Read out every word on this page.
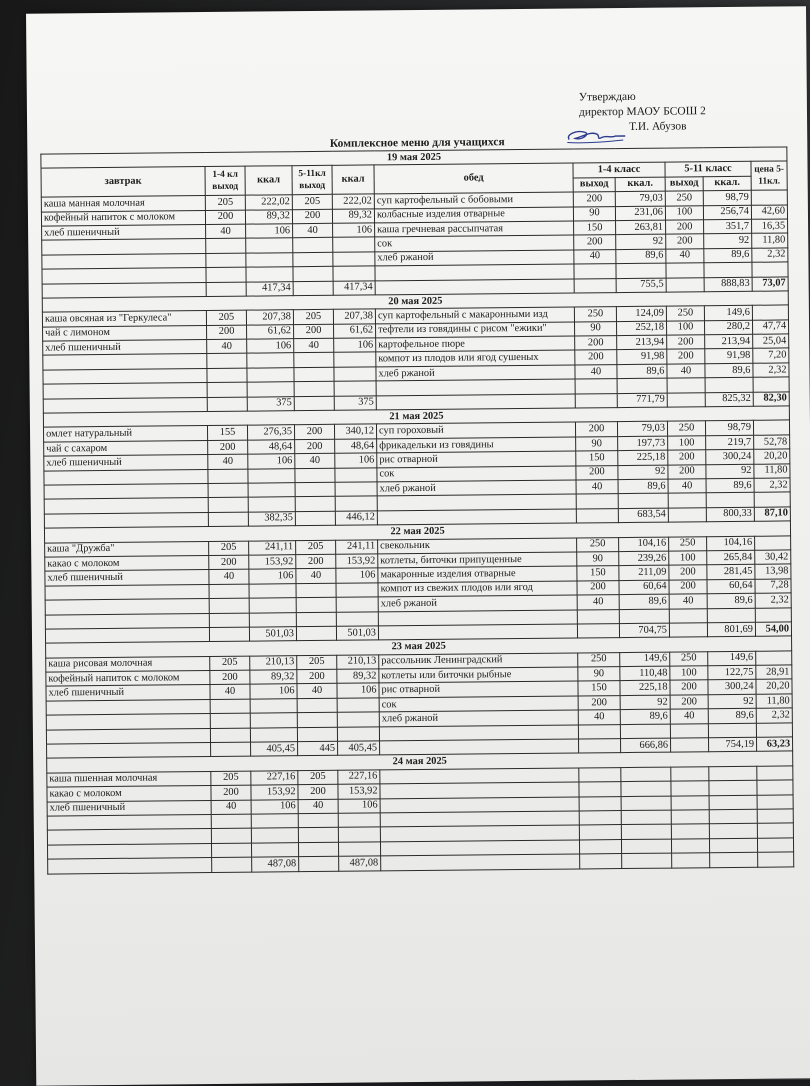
Утверждаю
директор МАОУ БСОШ 2
Т.И. Абузов
Комплексное меню для учащихся
19 мая 2025										
завтрак	1-4 кл выход	ккал	5-11кл выход	ккал	обед	1-4 класс		5-11 класс		цена 5-11кл.
						выход	ккал.	выход	ккал.	
каша манная молочная	205	222,02	205	222,02	суп картофельный с бобовыми	200	79,03	250	98,79	
кофейный напиток с молоком	200	89,32	200	89,32	колбасные изделия отварные	90	231,06	100	256,74	42,60
хлеб пшеничный	40	106	40	106	каша гречневая рассыпчатая	150	263,81	200	351,7	16,35
					сок	200	92	200	92	11,80
					хлеб ржаной	40	89,6	40	89,6	2,32

		417,34		417,34			755,5		888,83	73,07
20 мая 2025										
каша овсяная из "Геркулеса"	205	207,38	205	207,38	суп картофельный с макаронными изд	250	124,09	250	149,6	
чай с лимоном	200	61,62	200	61,62	тефтели из говядины с рисом "ежики"	90	252,18	100	280,2	47,74
хлеб пшеничный	40	106	40	106	картофельное пюре	200	213,94	200	213,94	25,04
					компот из плодов или ягод сушеных	200	91,98	200	91,98	7,20
					хлеб ржаной	40	89,6	40	89,6	2,32

		375		375			771,79		825,32	82,30
21 мая 2025										
омлет натуральный	155	276,35	200	340,12	суп гороховый	200	79,03	250	98,79	
чай с сахаром	200	48,64	200	48,64	фрикадельки из говядины	90	197,73	100	219,7	52,78
хлеб пшеничный	40	106	40	106	рис отварной	150	225,18	200	300,24	20,20
					сок	200	92	200	92	11,80
					хлеб ржаной	40	89,6	40	89,6	2,32

		382,35		446,12			683,54		800,33	87,10
22 мая 2025										
каша "Дружба"	205	241,11	205	241,11	свекольник	250	104,16	250	104,16	
какао с молоком	200	153,92	200	153,92	котлеты, биточки припущенные	90	239,26	100	265,84	30,42
хлеб пшеничный	40	106	40	106	макаронные изделия отварные	150	211,09	200	281,45	13,98
					компот из свежих плодов или ягод	200	60,64	200	60,64	7,28
					хлеб ржаной	40	89,6	40	89,6	2,32

		501,03		501,03			704,75		801,69	54,00
23 мая 2025										
каша рисовая молочная	205	210,13	205	210,13	рассольник Ленинградский	250	149,6	250	149,6	
кофейный напиток с молоком	200	89,32	200	89,32	котлеты или биточки рыбные	90	110,48	100	122,75	28,91
хлеб пшеничный	40	106	40	106	рис отварной	150	225,18	200	300,24	20,20
					сок	200	92	200	92	11,80
					хлеб ржаной	40	89,6	40	89,6	2,32

		405,45	445	405,45			666,86		754,19	63,23
24 мая 2025										
каша пшенная молочная	205	227,16	205	227,16						
какао с молоком	200	153,92	200	153,92						
хлеб пшеничный	40	106	40	106						

		487,08		487,08						
